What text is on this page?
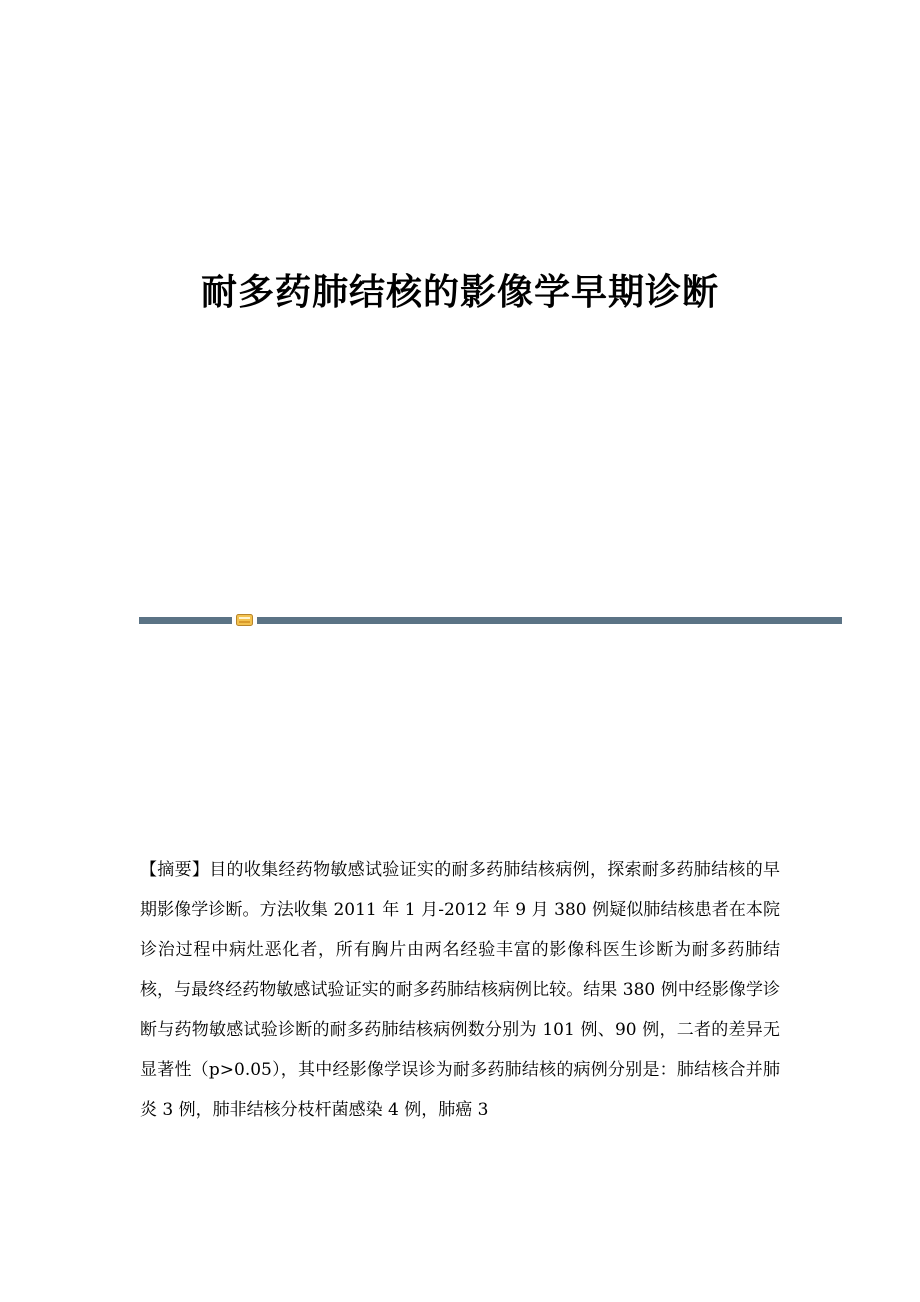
耐多药肺结核的影像学早期诊断

【摘要】目的收集经药物敏感试验证实的耐多药肺结核病例，探索耐多药肺结核的早期影像学诊断。方法收集 2011 年 1 月-2012 年 9 月 380 例疑似肺结核患者在本院诊治过程中病灶恶化者，所有胸片由两名经验丰富的影像科医生诊断为耐多药肺结核，与最终经药物敏感试验证实的耐多药肺结核病例比较。结果 380 例中经影像学诊断与药物敏感试验诊断的耐多药肺结核病例数分别为 101 例、90 例，二者的差异无显著性（p>0.05），其中经影像学误诊为耐多药肺结核的病例分别是：肺结核合并肺炎 3 例，肺非结核分枝杆菌感染 4 例，肺癌 3
